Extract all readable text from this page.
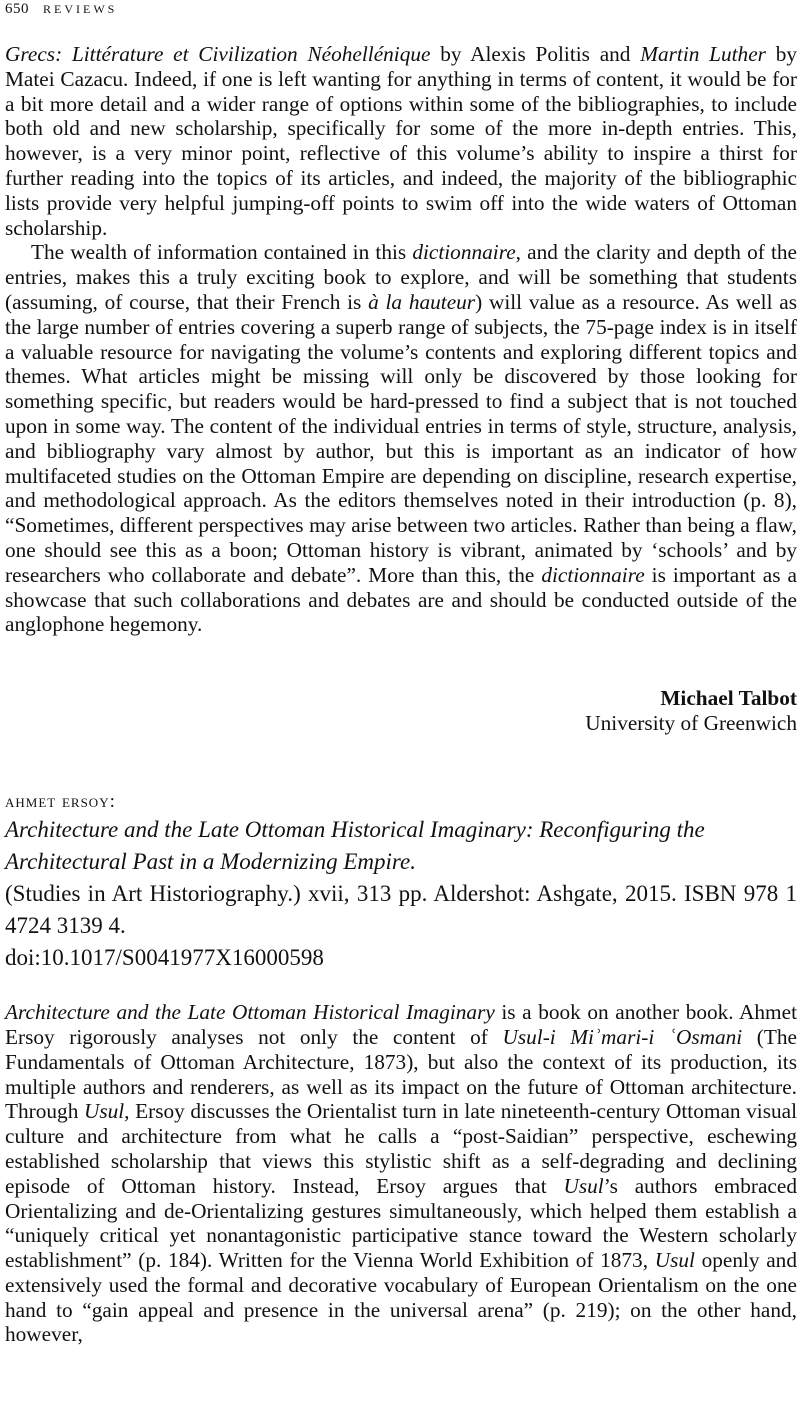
650 REVIEWS

Grecs: Littérature et Civilization Néohellénique by Alexis Politis and Martin Luther by Matei Cazacu. Indeed, if one is left wanting for anything in terms of content, it would be for a bit more detail and a wider range of options within some of the bibliographies, to include both old and new scholarship, specifically for some of the more in-depth entries. This, however, is a very minor point, reflective of this volume’s ability to inspire a thirst for further reading into the topics of its articles, and indeed, the majority of the bibliographic lists provide very helpful jumping-off points to swim off into the wide waters of Ottoman scholarship.

The wealth of information contained in this dictionnaire, and the clarity and depth of the entries, makes this a truly exciting book to explore, and will be something that students (assuming, of course, that their French is à la hauteur) will value as a resource. As well as the large number of entries covering a superb range of subjects, the 75-page index is in itself a valuable resource for navigating the volume’s contents and exploring different topics and themes. What articles might be missing will only be discovered by those looking for something specific, but readers would be hard-pressed to find a subject that is not touched upon in some way. The content of the individual entries in terms of style, structure, analysis, and bibliography vary almost by author, but this is important as an indicator of how multifaceted studies on the Ottoman Empire are depending on discipline, research expertise, and methodological approach. As the editors themselves noted in their introduction (p. 8), “Sometimes, different perspectives may arise between two articles. Rather than being a flaw, one should see this as a boon; Ottoman history is vibrant, animated by ‘schools’ and by researchers who collaborate and debate”. More than this, the dictionnaire is important as a showcase that such collaborations and debates are and should be conducted outside of the anglophone hegemony.

Michael Talbot
University of Greenwich
ahmet ersoy:
Architecture and the Late Ottoman Historical Imaginary: Reconfiguring the Architectural Past in a Modernizing Empire.
(Studies in Art Historiography.) xvii, 313 pp. Aldershot: Ashgate, 2015. ISBN 978 1 4724 3139 4.
doi:10.1017/S0041977X16000598

Architecture and the Late Ottoman Historical Imaginary is a book on another book. Ahmet Ersoy rigorously analyses not only the content of Usul-i Miʾmari-i ʿOsmani (The Fundamentals of Ottoman Architecture, 1873), but also the context of its production, its multiple authors and renderers, as well as its impact on the future of Ottoman architecture. Through Usul, Ersoy discusses the Orientalist turn in late nineteenth-century Ottoman visual culture and architecture from what he calls a “post-Saidian” perspective, eschewing established scholarship that views this stylistic shift as a self-degrading and declining episode of Ottoman history. Instead, Ersoy argues that Usul’s authors embraced Orientalizing and de-Orientalizing gestures simultaneously, which helped them establish a “uniquely critical yet nonantagonistic participative stance toward the Western scholarly establishment” (p. 184). Written for the Vienna World Exhibition of 1873, Usul openly and extensively used the formal and decorative vocabulary of European Orientalism on the one hand to “gain appeal and presence in the universal arena” (p. 219); on the other hand, however,
